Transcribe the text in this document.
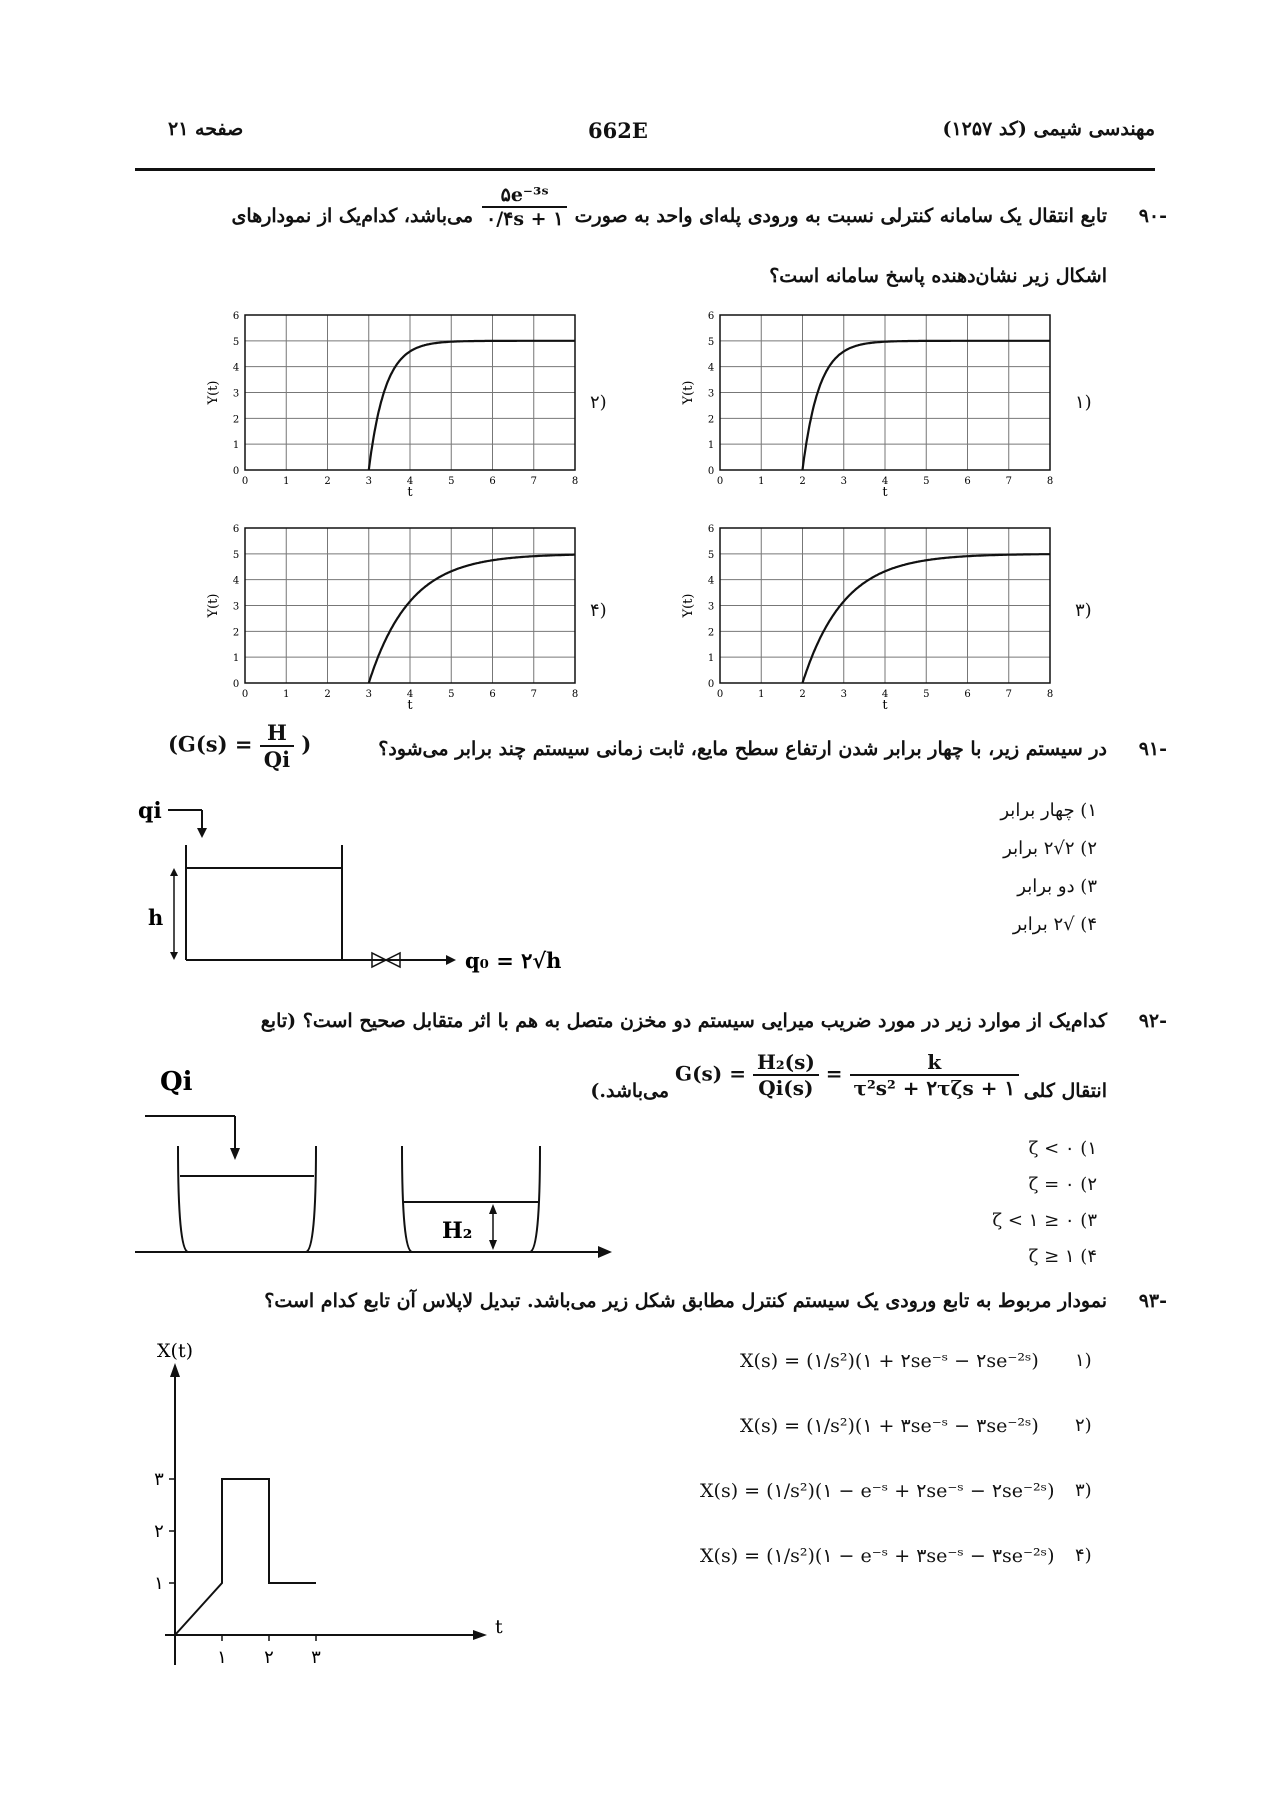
مهندسی شیمی (کد ۱۲۵۷)
662E
صفحه ۲۱
-۹۰
تابع انتقال یک سامانه کنترلی نسبت به ورودی پله‌ای واحد به صورت
$\frac{\text{۵e⁻³ˢ}}{۰/۴s + ۱}$
می‌باشد، کدام‌یک از نمودارهای
اشکال زیر نشان‌دهنده پاسخ سامانه است؟
0	1	2	3	4	5	6	7	8
0
1
2
3
4
5
6
t
Y(t)
0	1	2	3	4	5	6	7	8
0
1
2
3
4
5
6
t
Y(t)
0	1	2	3	4	5	6	7	8
0
1
2
3
4
5
6
t
Y(t)
0	1	2	3	4	5	6	7	8
0
1
2
3
4
5
6
t
Y(t)
۱)
۲)
۳)
۴)
-۹۱
در سیستم زیر، با چهار برابر شدن ارتفاع سطح مایع، ثابت زمانی سیستم چند برابر می‌شود؟
($G(s) = \frac{H}{Qi}$ )
۱) چهار برابر
۲) ۲√۲ برابر
۳) دو برابر
۴) √۲ برابر
qi
h
q₀ = ۲√h
-۹۲
کدام‌یک از موارد زیر در مورد ضریب میرایی سیستم دو مخزن متصل به هم با اثر متقابل صحیح است؟ (تابع
انتقال کلی
$G(s) = \frac{\text{H₂(s)}}{Qi(s)} = \frac{k}{\text{τ²s² + ۲τζs + ۱}}$
می‌باشد.)
۱) ζ < ۰
۲) ζ = ۰
۳) ۰ ≤ ζ < ۱
۴) ζ ≥ ۱
Qi
H₂
-۹۳
نمودار مربوط به تابع ورودی یک سیستم کنترل مطابق شکل زیر می‌باشد. تبدیل لاپلاس آن تابع کدام است؟
۱)
۲)
۳)
۴)
X(s) = (۱/s²)(۱ + ۲se⁻ˢ − ۲se⁻²ˢ)
X(s) = (۱/s²)(۱ + ۳se⁻ˢ − ۳se⁻²ˢ)
X(s) = (۱/s²)(۱ − e⁻ˢ + ۲se⁻ˢ − ۲se⁻²ˢ)
X(s) = (۱/s²)(۱ − e⁻ˢ + ۳se⁻ˢ − ۳se⁻²ˢ)
X(t)
t
۱ ۲ ۳
۱
۲
۳
